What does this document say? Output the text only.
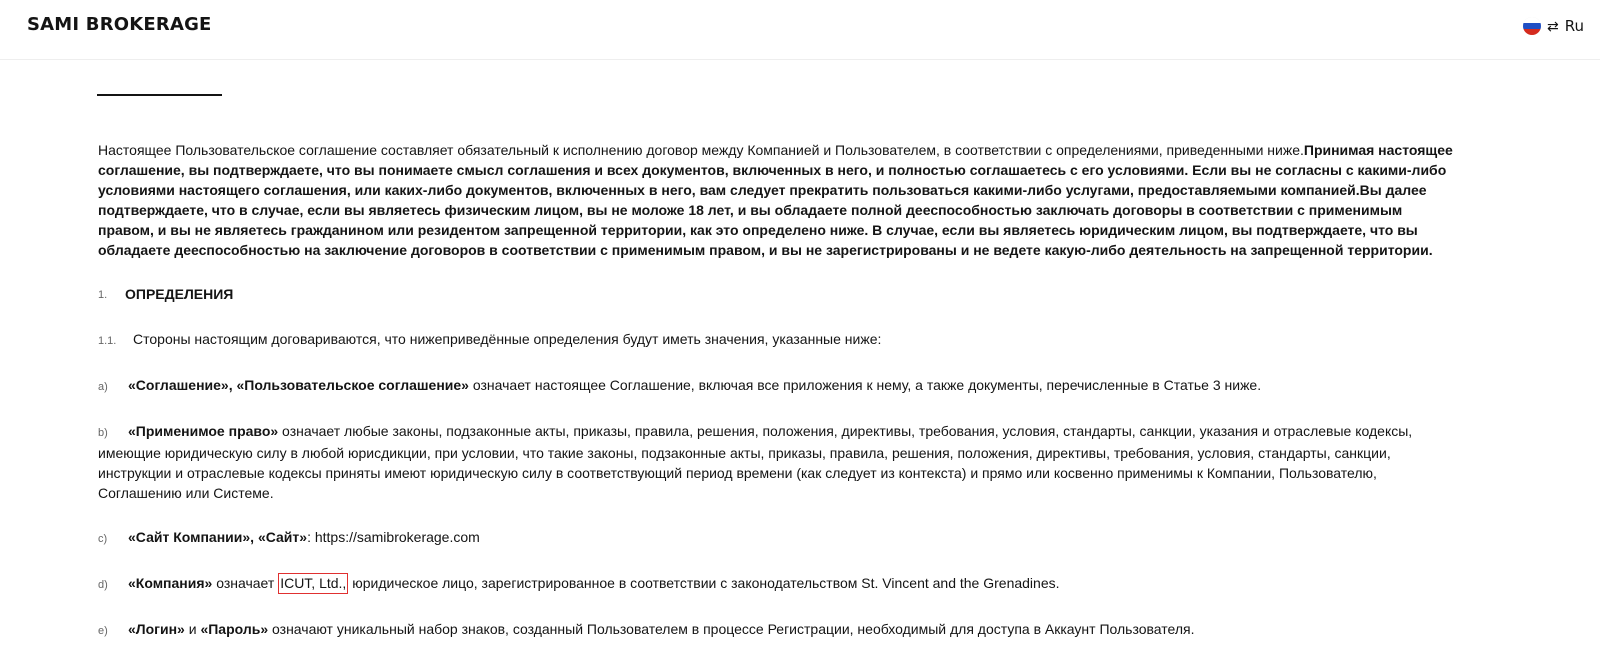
SAMI BROKERAGE	⇄ Ru

Настоящее Пользовательское соглашение составляет обязательный к исполнению договор между Компанией и Пользователем, в соответствии с определениями, приведенными ниже.Принимая настоящее соглашение, вы подтверждаете, что вы понимаете смысл соглашения и всех документов, включенных в него, и полностью соглашаетесь с его условиями. Если вы не согласны с какими-либо условиями настоящего соглашения, или каких-либо документов, включенных в него, вам следует прекратить пользоваться какими-либо услугами, предоставляемыми компанией.Вы далее подтверждаете, что в случае, если вы являетесь физическим лицом, вы не моложе 18 лет, и вы обладаете полной дееспособностью заключать договоры в соответствии с применимым правом, и вы не являетесь гражданином или резидентом запрещенной территории, как это определено ниже. В случае, если вы являетесь юридическим лицом, вы подтверждаете, что вы обладаете дееспособностью на заключение договоров в соответствии с применимым правом, и вы не зарегистрированы и не ведете какую-либо деятельность на запрещенной территории.

1.	ОПРЕДЕЛЕНИЯ
1.1. Стороны настоящим договариваются, что нижеприведённые определения будут иметь значения, указанные ниже:
a) «Соглашение», «Пользовательское соглашение» означает настоящее Соглашение, включая все приложения к нему, а также документы, перечисленные в Статье 3 ниже.
b) «Применимое право» означает любые законы, подзаконные акты, приказы, правила, решения, положения, директивы, требования, условия, стандарты, санкции, указания и отраслевые кодексы, имеющие юридическую силу в любой юрисдикции, при условии, что такие законы, подзаконные акты, приказы, правила, решения, положения, директивы, требования, условия, стандарты, санкции, инструкции и отраслевые кодексы приняты имеют юридическую силу в соответствующий период времени (как следует из контекста) и прямо или косвенно применимы к Компании, Пользователю, Соглашению или Системе.
c) «Сайт Компании», «Сайт»: https://samibrokerage.com
d) «Компания» означает ICUT, Ltd., юридическое лицо, зарегистрированное в соответствии с законодательством St. Vincent and the Grenadines.
e) «Логин» и «Пароль» означают уникальный набор знаков, созданный Пользователем в процессе Регистрации, необходимый для доступа в Аккаунт Пользователя.
